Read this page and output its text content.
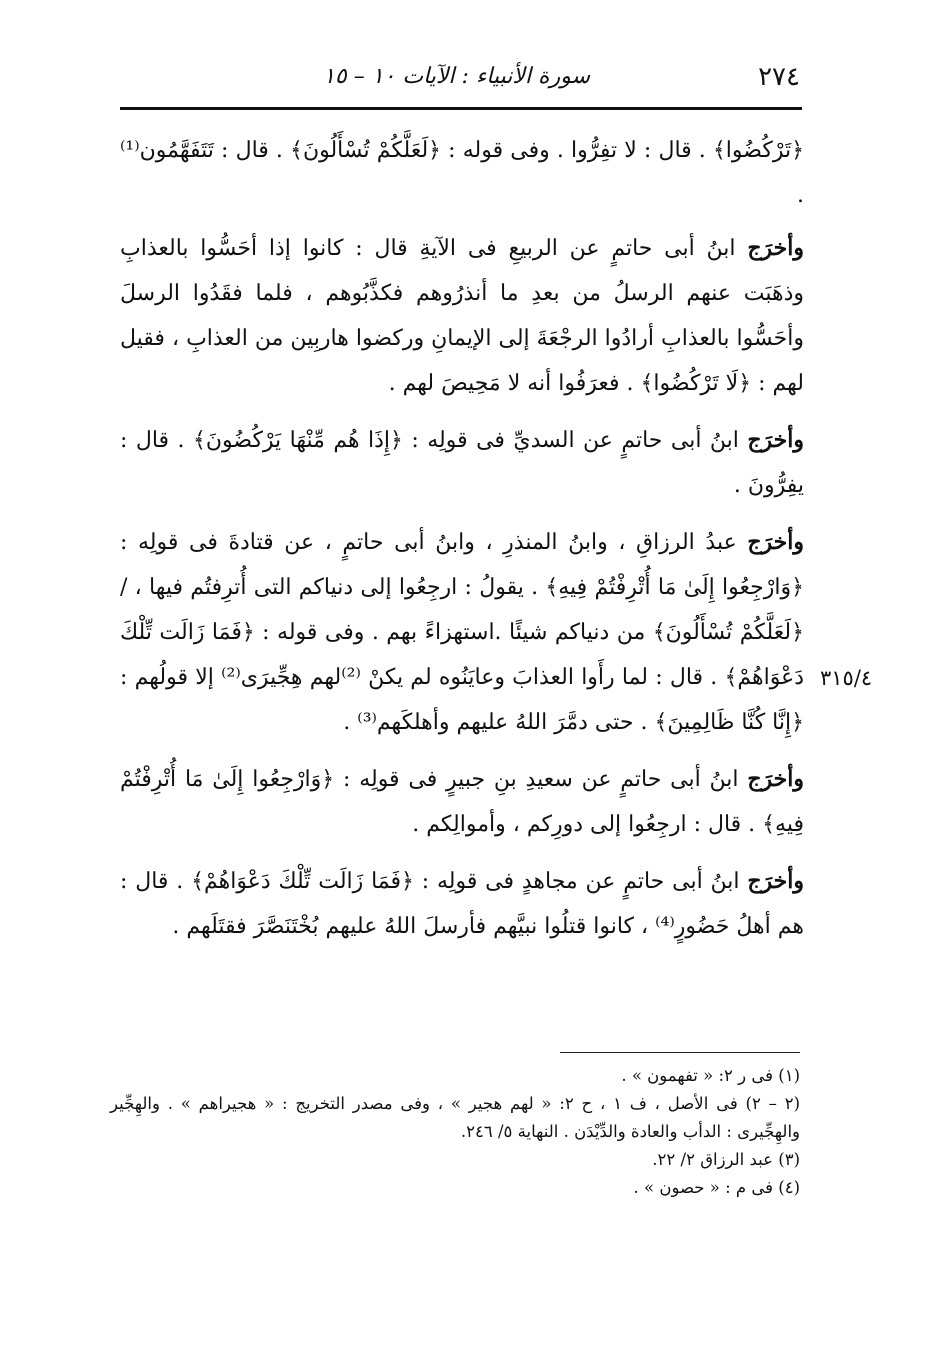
٢٧٤
سورة الأنبياء : الآيات ١٠ – ١٥

﴿تَرْكُضُوا﴾ . قال : لا تفِرُّوا . وفى قوله : ﴿لَعَلَّكُمْ تُسْأَلُونَ﴾ . قال : تَتَفَهَّمُون⁽¹⁾ .

وأخرَج ابنُ أبى حاتمٍ عن الربيعِ فى الآيةِ قال : كانوا إذا أحَسُّوا بالعذابِ وذهَبَت عنهم الرسلُ من بعدِ ما أنذرُوهم فكذَّبُوهم ، فلما فقَدُوا الرسلَ وأحَسُّوا بالعذابِ أرادُوا الرجْعَةَ إلى الإيمانِ وركضوا هاربِين من العذابِ ، فقيل لهم : ﴿لَا تَرْكُضُوا﴾ . فعرَفُوا أنه لا مَحِيصَ لهم .

وأخرَج ابنُ أبى حاتمٍ عن السديِّ فى قولِه : ﴿إِذَا هُم مِّنْهَا يَرْكُضُونَ﴾ . قال : يفِرُّونَ .

وأخرَج عبدُ الرزاقِ ، وابنُ المنذرِ ، وابنُ أبى حاتمٍ ، عن قتادةَ فى قولِه : ﴿وَارْجِعُوا إِلَىٰ مَا أُتْرِفْتُمْ فِيهِ﴾ . يقولُ : ارجِعُوا إلى دنياكم التى أُترِفتُم فيها ، /﴿لَعَلَّكُمْ تُسْأَلُونَ﴾ من دنياكم شيئًا .استهزاءً بهم . وفى قوله : ﴿فَمَا زَالَت تِّلْكَ دَعْوَاهُمْ﴾ . قال : لما رأَوا العذابَ وعايَنُوه لم يكنْ ⁽²⁾لهم هِجِّيرَى⁽²⁾ إلا قولُهم : ﴿إِنَّا كُنَّا ظَالِمِينَ﴾ . حتى دمَّرَ اللهُ عليهم وأهلكَهم⁽³⁾ .

وأخرَج ابنُ أبى حاتمٍ عن سعيدِ بنِ جبيرٍ فى قولِه : ﴿وَارْجِعُوا إِلَىٰ مَا أُتْرِفْتُمْ فِيهِ﴾ . قال : ارجِعُوا إلى دورِكم ، وأموالِكم .

وأخرَج ابنُ أبى حاتمٍ عن مجاهدٍ فى قولِه : ﴿فَمَا زَالَت تِّلْكَ دَعْوَاهُمْ﴾ . قال : هم أهلُ حَضُورٍ⁽⁴⁾ ، كانوا قتلُوا نبيَّهم فأرسلَ اللهُ عليهم بُخْتَنَصَّرَ فقتَلَهم .

٣١٥/٤
(١) فى ر ٢: « تفهمون » .
(٢ – ٢) فى الأصل ، ف ١ ، ح ٢: « لهم هجير » ، وفى مصدر التخريج : « هجيراهم » . والهِجِّير والهِجِّيرى : الدأب والعادة والدِّيْدَن . النهاية ٥/ ٢٤٦.
(٣) عبد الرزاق ٢/ ٢٢.
(٤) فى م : « حصون » .
